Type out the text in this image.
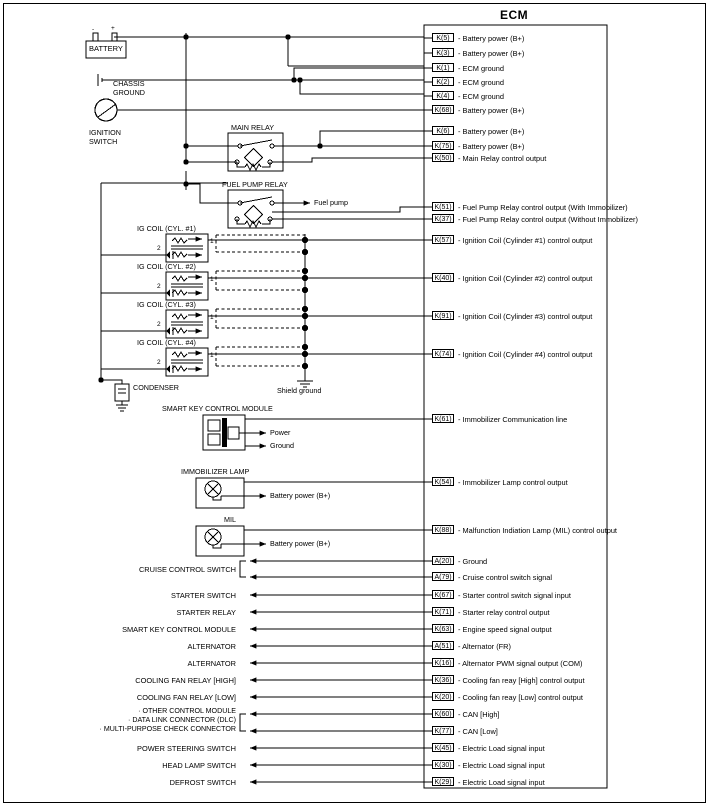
ECM
BATTERY
-	+
CHASSIS
GROUND
IGNITION
SWITCH
MAIN RELAY
FUEL PUMP RELAY
Fuel pump
IG COIL (CYL. #1)
2
1
IG COIL (CYL. #2)
2
1
IG COIL (CYL. #3)
2
1
IG COIL (CYL. #4)
2
1
Shield ground
CONDENSER
SMART KEY CONTROL MODULE
Power
Ground
IMMOBILIZER LAMP
Battery power (B+)
MIL
Battery power (B+)
CRUISE CONTROL SWITCH
STARTER SWITCH
STARTER RELAY
SMART KEY CONTROL MODULE
ALTERNATOR
ALTERNATOR
COOLING FAN RELAY [HIGH]
COOLING FAN RELAY [LOW]
· OTHER CONTROL MODULE
· DATA LINK CONNECTOR (DLC)
· MULTI-PURPOSE CHECK CONNECTOR
POWER STEERING SWITCH
HEAD LAMP SWITCH
DEFROST SWITCH
K(5)	- Battery power (B+)
K(3)	- Battery power (B+)
K(1)	- ECM ground
K(2)	- ECM ground
K(4)	- ECM ground
K(68) - Battery power (B+)
K(6)	- Battery power (B+)
K(75) - Battery power (B+)
K(50) - Main Relay control output
K(51) - Fuel Pump Relay control output (With Immobilizer)
K(37) - Fuel Pump Relay control output (Without Immobilizer)
K(57) - Ignition Coil (Cylinder #1) control output
K(40) - Ignition Coil (Cylinder #2) control output
K(91) - Ignition Coil (Cylinder #3) control output
K(74) - Ignition Coil (Cylinder #4) control output
K(61) - Immobilizer Communication line
K(54) - Immobilizer Lamp control output
K(88) - Malfunction Indiation Lamp (MIL) control output
A(20) - Ground
A(79) - Cruise control switch signal
K(67) - Starter control switch signal input
K(71) - Starter relay control output
K(63) - Engine speed signal output
A(51) - Alternator (FR)
K(16) - Alternator PWM signal output (COM)
K(36) - Cooling fan reay [High] control output
K(20) - Cooling fan reay [Low] control output
K(60) - CAN [High]
K(77) - CAN [Low]
K(45) - Electric Load signal input
K(30) - Electric Load signal input
K(29) - Electric Load signal input
